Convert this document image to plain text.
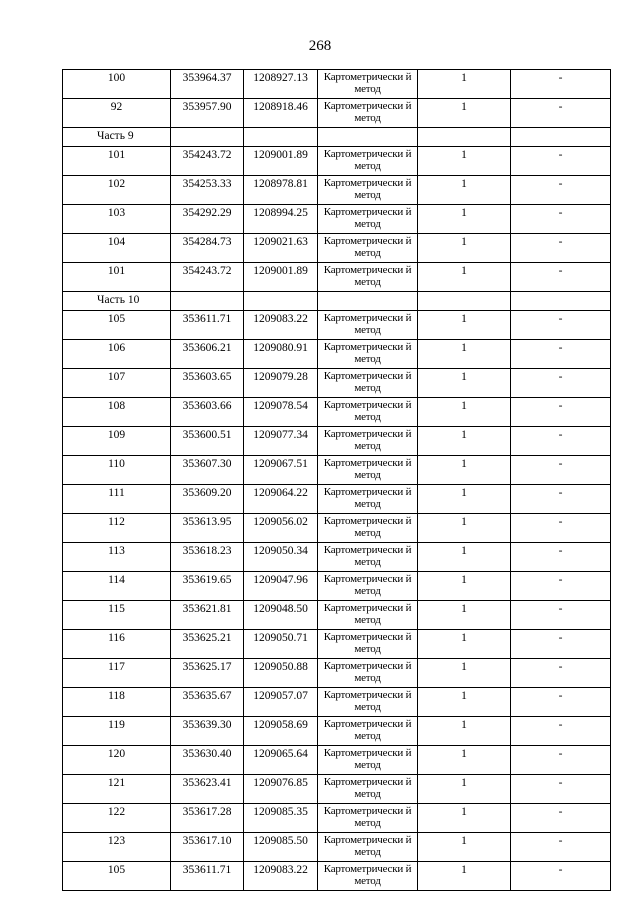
268
100	353964.37	1208927.13	Картометрически й метод	1	-
92	353957.90	1208918.46	Картометрически й метод	1	-
Часть 9					
101	354243.72	1209001.89	Картометрически й метод	1	-
102	354253.33	1208978.81	Картометрически й метод	1	-
103	354292.29	1208994.25	Картометрически й метод	1	-
104	354284.73	1209021.63	Картометрически й метод	1	-
101	354243.72	1209001.89	Картометрически й метод	1	-
Часть 10					
105	353611.71	1209083.22	Картометрически й метод	1	-
106	353606.21	1209080.91	Картометрически й метод	1	-
107	353603.65	1209079.28	Картометрически й метод	1	-
108	353603.66	1209078.54	Картометрически й метод	1	-
109	353600.51	1209077.34	Картометрически й метод	1	-
110	353607.30	1209067.51	Картометрически й метод	1	-
111	353609.20	1209064.22	Картометрически й метод	1	-
112	353613.95	1209056.02	Картометрически й метод	1	-
113	353618.23	1209050.34	Картометрически й метод	1	-
114	353619.65	1209047.96	Картометрически й метод	1	-
115	353621.81	1209048.50	Картометрически й метод	1	-
116	353625.21	1209050.71	Картометрически й метод	1	-
117	353625.17	1209050.88	Картометрически й метод	1	-
118	353635.67	1209057.07	Картометрически й метод	1	-
119	353639.30	1209058.69	Картометрически й метод	1	-
120	353630.40	1209065.64	Картометрически й метод	1	-
121	353623.41	1209076.85	Картометрически й метод	1	-
122	353617.28	1209085.35	Картометрически й метод	1	-
123	353617.10	1209085.50	Картометрически й метод	1	-
105	353611.71	1209083.22	Картометрически й метод	1	-
